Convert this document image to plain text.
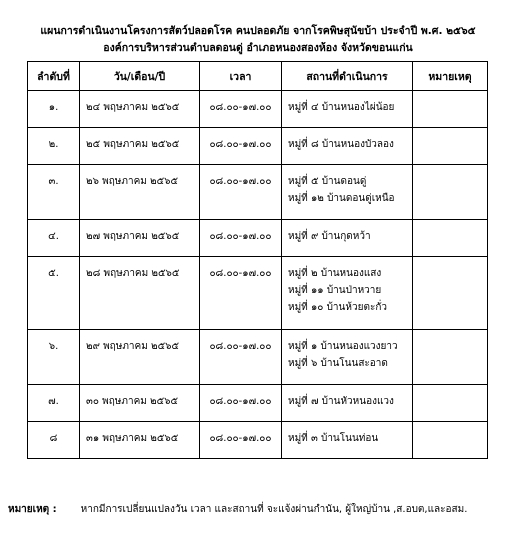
แผนการดำเนินงานโครงการสัตว์ปลอดโรค คนปลอดภัย จากโรคพิษสุนัขบ้า ประจำปี พ.ศ. ๒๕๖๕
องค์การบริหารส่วนตำบลดอนดู่ อำเภอหนองสองห้อง จังหวัดขอนแก่น
ลำดับที่	วัน/เดือน/ปี	เวลา	สถานที่ดำเนินการ	หมายเหตุ

๑.	๒๔ พฤษภาคม ๒๕๖๕	๐๘.๐๐-๑๗.๐๐	หมู่ที่ ๔ บ้านหนองไผ่น้อย	

๒.	๒๕ พฤษภาคม ๒๕๖๕	๐๘.๐๐-๑๗.๐๐	หมู่ที่ ๘ บ้านหนองบัวลอง	

๓.	๒๖ พฤษภาคม ๒๕๖๕	๐๘.๐๐-๑๗.๐๐	หมู่ที่ ๕ บ้านดอนดู่
หมู่ที่ ๑๒ บ้านดอนดู่เหนือ	

๔.	๒๗ พฤษภาคม ๒๕๖๕	๐๘.๐๐-๑๗.๐๐	หมู่ที่ ๙ บ้านกุดหว้า	

๕.	๒๘ พฤษภาคม ๒๕๖๕	๐๘.๐๐-๑๗.๐๐	หมู่ที่ ๒ บ้านหนองแสง
หมู่ที่ ๑๑ บ้านป่าหวาย
หมู่ที่ ๑๐ บ้านห้วยตะกั่ว	

๖.	๒๙ พฤษภาคม ๒๕๖๕	๐๘.๐๐-๑๗.๐๐	หมู่ที่ ๑ บ้านหนองแวงยาว
หมู่ที่ ๖ บ้านโนนสะอาด	

๗.	๓๐ พฤษภาคม ๒๕๖๕	๐๘.๐๐-๑๗.๐๐	หมู่ที่ ๗ บ้านหัวหนองแวง	

๘	๓๑ พฤษภาคม ๒๕๖๕	๐๘.๐๐-๑๗.๐๐	หมู่ที่ ๓ บ้านโนนท่อน	

หมายเหตุ : หากมีการเปลี่ยนแปลงวัน เวลา และสถานที่ จะแจ้งผ่านกำนัน, ผู้ใหญ่บ้าน ,ส.อบต,และอสม.
